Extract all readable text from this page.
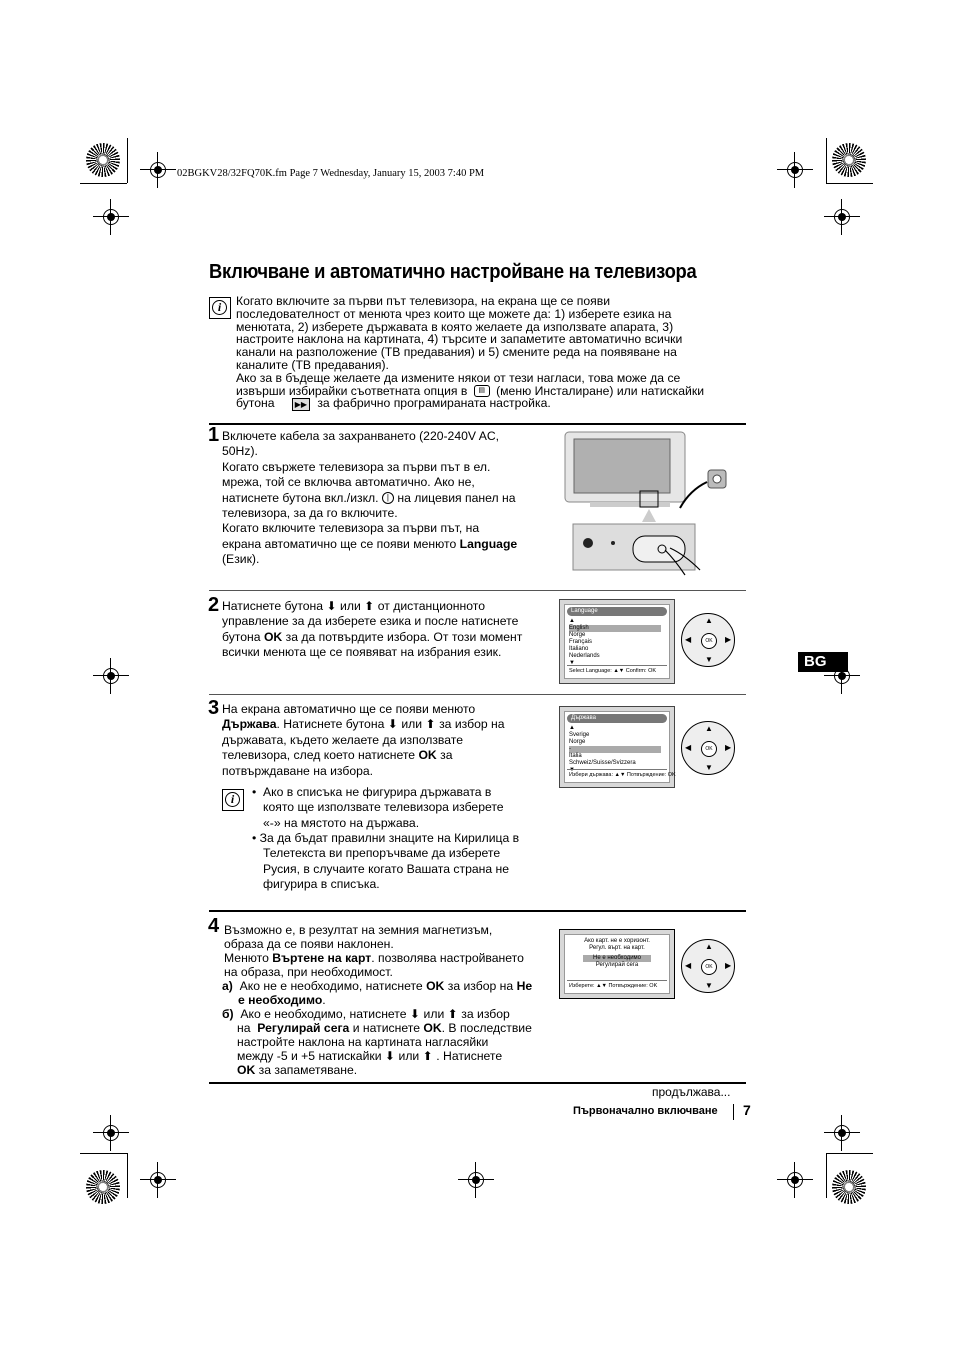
02BGKV28/32FQ70K.fm Page 7 Wednesday, January 15, 2003 7:40 PM
Включване и автоматично настройване на телевизора
i	Когато включите за първи път телевизора, на екрана ще се появи
последователност от менюта чрез които ще можете да: 1) изберете езика на
менютата, 2) изберете държавата в която желаете да използвате апарата, 3)
настроите наклона на картината, 4) търсите и запаметите автоматично всички
канали на разположение (ТВ предавания) и 5) смените реда на появяване на
каналите (ТВ предавания).
Ако за в бъдеще желаете да измените някои от тези нагласи, това може да се
извърши избирайки съответната опция в ▤ (меню Инсталиране) или натискайки
бутона	▶▶ за фабрично програмираната настройка.
1 Включете кабела за захранването (220-240V AC,
50Hz).
Когато свържете телевизора за първи път в ел.
мрежа, той се включва автоматично. Ако не,
натиснете бутона вкл./изкл. | на лицевия панел на
телевизора, за да го включите.
Когато включите телевизора за първи път, на
екрана автоматично ще се появи менюто Language
(Език).
2 Натиснете бутона ⬇ или ⬆ от дистанционното
управление за да изберете езика и после натиснете
бутона OK за да потвърдите избора. От този момент
всички менюта ще се появяват на избрания език.
Language
▲
English
Norge
Français
Italiano
Nederlands
▼
Select Language: ▲▼ Confirm: OK
▲
▼
◀	▶
OK
BG
3 На екрана автоматично ще се появи менюто
Държава. Натиснете бутона ⬇ или ⬆ за избор на
държавата, където желаете да използвате
телевизора, след което натиснете OK за
потвърждаване на избора.
Държава
▲
Sverige
Norge
-
Italia
Schweiz/Suisse/Svizzera
▼
Избери държава: ▲▼ Потвърждение: OK
▲
▼
◀	▶
OK
i	•  Ако в списъка не фигурира държавата в
която ще използвате телевизора изберете
«-» на мястото на държава.
• За да бъдат правилни знаците на Кирилица в
Телетекста ви препоръчваме да изберете
Русия, в случаите когато Вашата страна не
фигурира в списъка.
4 Възможно е, в резултат на земния магнетизъм,
образа да се появи наклонен.
Менюто Въртене на карт. позволява настройването
на образа, при необходимост.
а) Ако не е необходимо, натиснете OK за избор на Не
е необходимо.
б) Ако е необходимо, натиснете ⬇ или ⬆ за избор
на Регулирай сега и натиснете OK. В последствие
настройте наклона на картината нагласяйки
между -5 и +5 натискайки ⬇ или ⬆ . Натиснете
OK за запаметяване.
Ако карт. не е хоризонт.
Регул. върт. на карт.
Не е необходимо
Регулирай сега
Изберете: ▲▼ Потвърждение: OK
▲
▼
◀	▶
OK
продължава...
Първоначално включване 7
